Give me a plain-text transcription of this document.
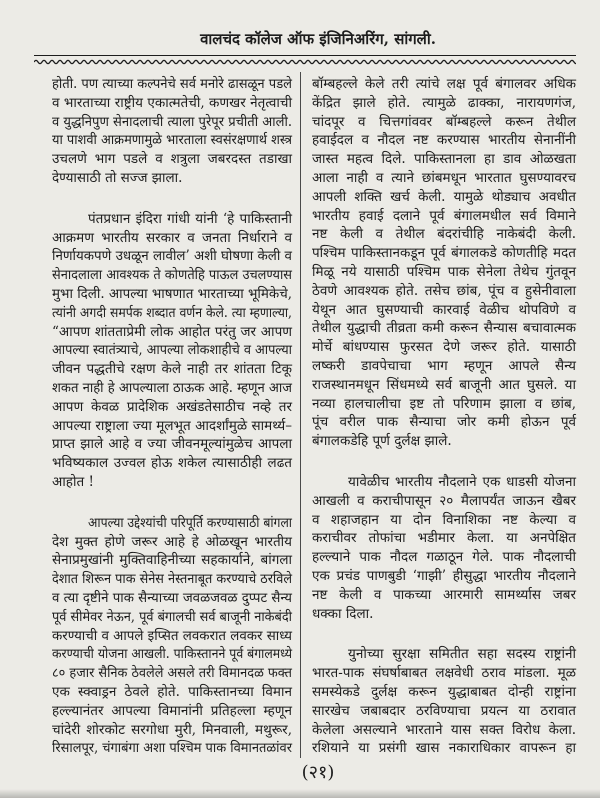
वालचंद कॉलेज ऑफ इंजिनिअरिंग, सांगली.
होती. पण त्याच्या कल्पनेचे सर्व मनोरे ढासळून पडले
व भारताच्या राष्ट्रीय एकात्मतेची, कणखर नेतृत्वाची
व युद्धनिपुण सेनादलाची त्याला पुरेपूर प्रचीती आली.
या पाशवी आक्रमणामुळे भारताला स्वसंरक्षणार्थ शस्त्र
उचलणे भाग पडले व शत्रुला जबरदस्त तडाखा
देण्यासाठी तो सज्ज झाला.
पंतप्रधान इंदिरा गांधी यांनी ‘हे पाकिस्तानी
आक्रमण भारतीय सरकार व जनता निर्धाराने व
निर्णायकपणे उधळून लावील’ अशी घोषणा केली व
सेनादलाला आवश्यक ते कोणतेहि पाऊल उचलण्यास
मुभा दिली. आपल्या भाषणात भारताच्या भूमिकेचे,
त्यांनी अगदी समर्पक शब्दात वर्णन केले. त्या म्हणाल्या,
“आपण शांतताप्रेमी लोक आहोत परंतु जर आपण
आपल्या स्वातंत्र्याचे, आपल्या लोकशाहीचे व आपल्या
जीवन पद्धतीचे रक्षण केले नाही तर शांतता टिकू
शकत नाही हे आपल्याला ठाऊक आहे. म्हणून आज
आपण केवळ प्रादेशिक अखंडतेसाठीच नव्हे तर
आपल्या राष्ट्राला ज्या मूलभूत आदर्शांमुळे सामर्थ्य–
प्राप्त झाले आहे व ज्या जीवनमूल्यांमुळेच आपला
भविष्यकाल उज्वल होऊ शकेल त्यासाठीही लढत
आहोत !
आपल्या उद्देश्यांची परिपूर्ति करण्यासाठी बांगला
देश मुक्त होणे जरूर आहे हे ओळखून भारतीय
सेनाप्रमुखांनी मुक्तिवाहिनीच्या सहकार्याने, बांगला
देशात शिरून पाक सेनेस नेस्तनाबूत करण्याचे ठरविले
व त्या दृष्टीने पाक सैन्याच्या जवळजवळ दुप्पट सैन्य
पूर्व सीमेवर नेऊन, पूर्व बंगालची सर्व बाजूनी नाकेबंदी
करण्याची व आपले इप्सित लवकरात लवकर साध्य
करण्याची योजना आखली. पाकिस्तानने पूर्व बंगालमध्ये
८० हजार सैनिक ठेवलेले असले तरी विमानदळ फक्त
एक स्क्वाड्रन ठेवले होते. पाकिस्तानच्या विमान
हल्ल्यानंतर आपल्या विमानांनी प्रतिहल्ला म्हणून
चांदेरी शोरकोट सरगोधा मुरी, मिनवाली, मथुरूर,
रिसालपूर, चंगाबंगा अशा पश्चिम पाक विमानतळांवर
बॉम्बहल्ले केले तरी त्यांचे लक्ष पूर्व बंगालवर अधिक
केंद्रित झाले होते. त्यामुळे ढाक्का, नारायणगंज,
चांदपूर व चित्तगांववर बॉम्बहल्ले करून तेथील
हवाईदल व नौदल नष्ट करण्यास भारतीय सेनानींनी
जास्त महत्व दिले. पाकिस्तानला हा डाव ओळखता
आला नाही व त्याने छांबमधून भारतात घुसण्यावरच
आपली शक्ति खर्च केली. यामुळे थोड्याच अवधीत
भारतीय हवाई दलाने पूर्व बंगालमधील सर्व विमाने
नष्ट केली व तेथील बंदरांचीहि नाकेबंदी केली.
पश्चिम पाकिस्तानकडून पूर्व बंगालकडे कोणतीहि मदत
मिळू नये यासाठी पश्चिम पाक सेनेला तेथेच गुंतवून
ठेवणे आवश्यक होते. तसेच छांब, पूंच व हुसेनीवाला
येथून आत घुसण्याची कारवाई वेळीच थोपविणे व
तेथील युद्धाची तीव्रता कमी करून सैन्यास बचावात्मक
मोर्चे बांधण्यास फुरसत देणे जरूर होते. यासाठी
लष्करी डावपेचाचा भाग म्हणून आपले सैन्य
राजस्थानमधून सिंधमध्ये सर्व बाजूनी आत घुसले. या
नव्या हालचालीचा इष्ट तो परिणाम झाला व छांब,
पूंच वरील पाक सैन्याचा जोर कमी होऊन पूर्व
बंगालकडेहि पूर्ण दुर्लक्ष झाले.
यावेळीच भारतीय नौदलाने एक धाडसी योजना
आखली व कराचीपासून २० मैलापर्यंत जाऊन खैबर
व शहाजहान या दोन विनाशिका नष्ट केल्या व
कराचीवर तोफांचा भडीमार केला. या अनपेक्षित
हल्ल्याने पाक नौदल गळाठून गेले. पाक नौदलाची
एक प्रचंड पाणबुडी ‘गाझी’ हीसुद्धा भारतीय नौदलाने
नष्ट केली व पाकच्या आरमारी सामर्थ्यास जबर
धक्का दिला.
युनोच्या सुरक्षा समितीत सहा सदस्य राष्ट्रांनी
भारत-पाक संघर्षाबाबत लक्षवेधी ठराव मांडला. मूळ
समस्येकडे दुर्लक्ष करून युद्धाबाबत दोन्ही राष्ट्रांना
सारखेच जबाबदार ठरविण्याचा प्रयत्न या ठरावात
केलेला असल्याने भारताने यास सक्त विरोध केला.
रशियाने या प्रसंगी खास नकाराधिकार वापरून हा
(२१)
